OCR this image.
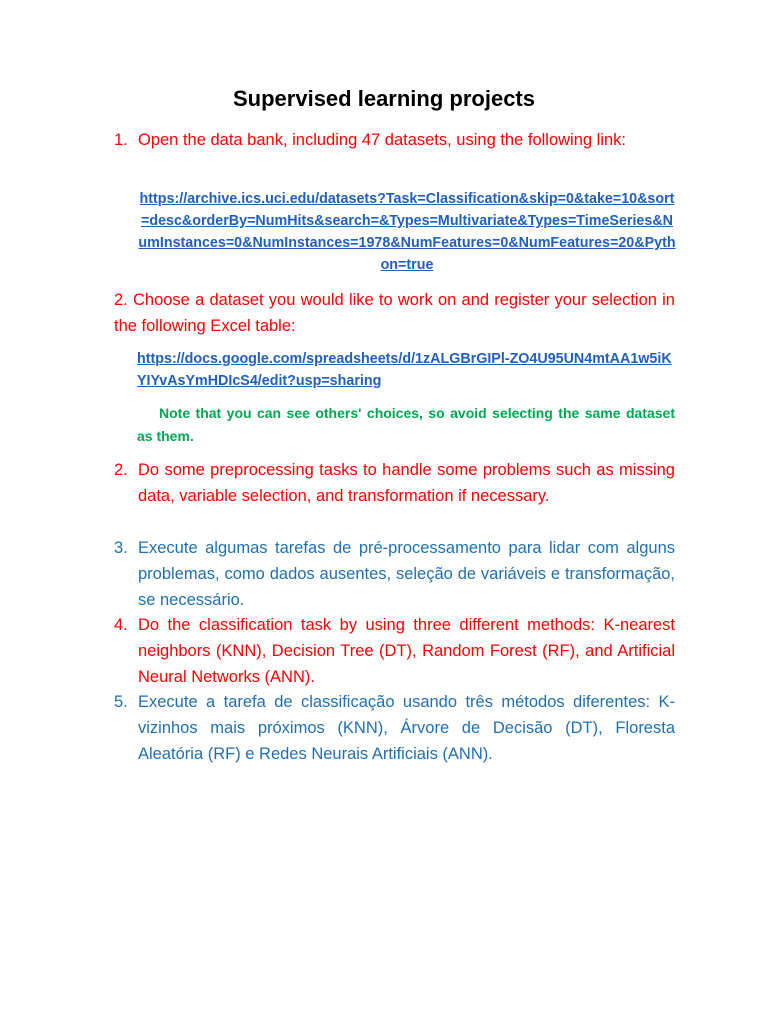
Supervised learning projects
1. Open the data bank, including 47 datasets, using the following link:
https://archive.ics.uci.edu/datasets?Task=Classification&skip=0&take=10&sort=desc&orderBy=NumHits&search=&Types=Multivariate&Types=TimeSeries&NumInstances=0&NumInstances=1978&NumFeatures=0&NumFeatures=20&Python=true
2. Choose a dataset you would like to work on and register your selection in the following Excel table:
https://docs.google.com/spreadsheets/d/1zALGBrGIPl-ZO4U95UN4mtAA1w5iKYIYvAsYmHDIcS4/edit?usp=sharing
Note that you can see others' choices, so avoid selecting the same dataset as them.
2. Do some preprocessing tasks to handle some problems such as missing data, variable selection, and transformation if necessary.
3. Execute algumas tarefas de pré-processamento para lidar com alguns problemas, como dados ausentes, seleção de variáveis e transformação, se necessário.
4. Do the classification task by using three different methods: K-nearest neighbors (KNN), Decision Tree (DT), Random Forest (RF), and Artificial Neural Networks (ANN).
5. Execute a tarefa de classificação usando três métodos diferentes: K-vizinhos mais próximos (KNN), Árvore de Decisão (DT), Floresta Aleatória (RF) e Redes Neurais Artificiais (ANN).
